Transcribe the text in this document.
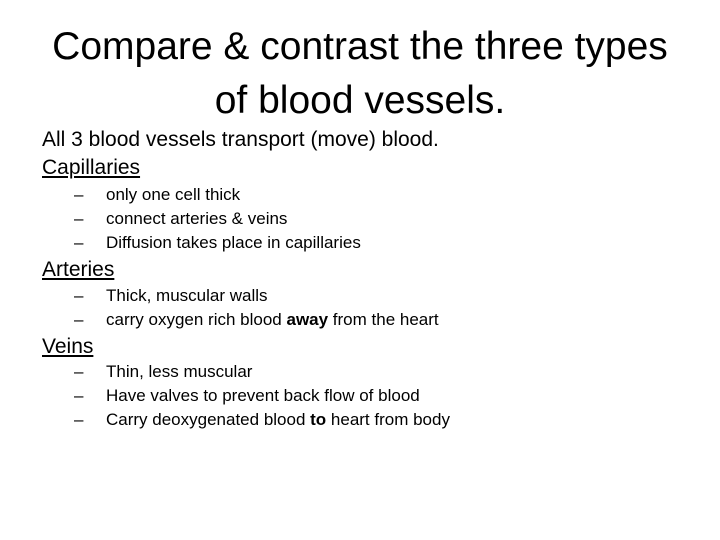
Compare & contrast the three types
of blood vessels.

All 3 blood vessels transport (move) blood.

Capillaries

– only one cell thick

– connect arteries & veins

– Diffusion takes place in capillaries

Arteries

– Thick, muscular walls

– carry oxygen rich blood away from the heart

Veins

– Thin, less muscular

– Have valves to prevent back flow of blood

– Carry deoxygenated blood to heart from body
